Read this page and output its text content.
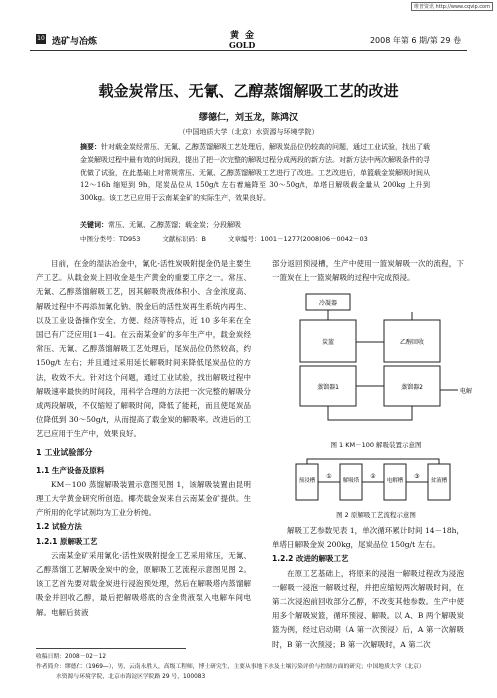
维普资讯 http://www.cqvip.com
10 选矿与冶炼
黄金
GOLD	2008 年第 6 期/第 29 卷
载金炭常压、无氰、乙醇蒸馏解吸工艺的改进
缪德仁，刘玉龙，陈鸿汉
（中国地质大学（北京）水资源与环境学院）
摘要：针对载金炭经常压、无氰、乙醇蒸馏解吸工艺处理后，解吸炭品位仍较高的问题，通过工业试验，找出了载金炭解吸过程中最有效的时间段，提出了把一次完整的解吸过程分成两段的新方法。对新方法中两次解吸条件的寻优做了试验，在此基础上对常规常压、无氰、乙醇蒸馏解吸工艺进行了改进。工艺改进后，单篮载金炭解吸时间从 12～16h 缩短到 9h，尾炭品位从 150g/t 左右着遍降至 30～50g/t，单塔日解吸载金量从 200kg 上升到 300kg。该工艺已应用于云南某金矿的实际生产，效果良好。
关键词：常压、无氰、乙醇蒸馏；载金炭；分段解吸
中图分类号：TD953	文献标识码：B	文章编号：1001－1277(2008)06－0042－03

目前，在金的湿法冶金中，氰化-活性炭吸附提金仍是主要生产工艺。从载金炭上回收金是生产黄金的重要工序之一。常压、无氰、乙醇蒸馏解吸工艺，因其解吸贵液体积小、含金浓度高、解吸过程中不再添加氰化钠、脱金后的活性炭再生系统内再生、以及工业设备操作安全、方便、经济等特点，近 10 多年来在全国已有广泛应用[1－4]。在云南某金矿的多年生产中，载金炭经常压、无氰、乙醇蒸馏解吸工艺处理后，尾炭品位仍然较高，约 150g/t 左右；并且通过采用延长解吸时间来降低尾炭品位的方法，收效不大。针对这个问题，通过工业试验，找出解吸过程中解吸速率最快的时间段，用科学合理的方法把一次完整的解吸分成两段解吸，不仅缩短了解吸时间，降低了能耗，而且使尾炭品位降低到 30～50g/t，从而提高了载金炭的解吸率。改进后的工艺已应用于生产中，效果良好。

1 工业试验部分
1.1 生产设备及原料

KM－100 蒸馏解吸装置示意图见图 1，该解吸装置由昆明理工大学黄金研究所创造。椰壳载金炭来自云南某金矿提供。生产所用的化学试剂均为工业分析纯。

1.2 试验方法
1.2.1 原解吸工艺

云南某金矿采用氰化-活性炭吸附提金工艺采用常压，无氰、乙醇蒸馏工艺解吸金炭中的金，原解吸工艺流程示意图见图 2。该工艺首先要对载金炭进行浸泡预处理，然后在解吸塔内蒸馏解吸金并回收乙醇，最后把解吸塔底的含金贵液泵入电解车间电解。电解后贫液

部分返回预浸槽，生产中使用一篮炭解吸一次的流程，下一篮炭在上一篮炭解吸的过程中完成预浸。

冷凝器
炭篮	乙醇回收
蒸馏器1	蒸馏器2
电解
图 1 KM－100 解吸装置示意图
预浸槽	解吸塔	电解槽	贫液槽
①	②	③
图 2 原解吸工艺流程示意图

解吸工艺参数见表 1，单次循环累计时间 14－18h，单塔日解吸金炭 200kg，尾炭品位 150g/t 左右。

1.2.2 改进的解吸工艺

在原工艺基础上，将原来的浸泡一解吸过程改为浸泡一解吸一浸泡一解吸过程，并把应缩短两次解吸时间，在第二次浸泡前回收部分乙醇，不改变其他参数。生产中使用多个解吸炭篮，循环预浸、解吸。以 A、B 两个解吸炭篮为例，经过启动期（A 第一次预浸）后，A 第一次解吸时，B 第一次预浸；B 第一次解吸时，A 第二次

收稿日期：2008－02－12
作者简介：缪德仁（1969—），男，云南永胜人，高级工程师，博士研究生，主要从事地下水及土壤污染评价与控制方面的研究；中国地质大学（北京）
水资源与环境学院，北京市海淀区学院路 29 号，100083
